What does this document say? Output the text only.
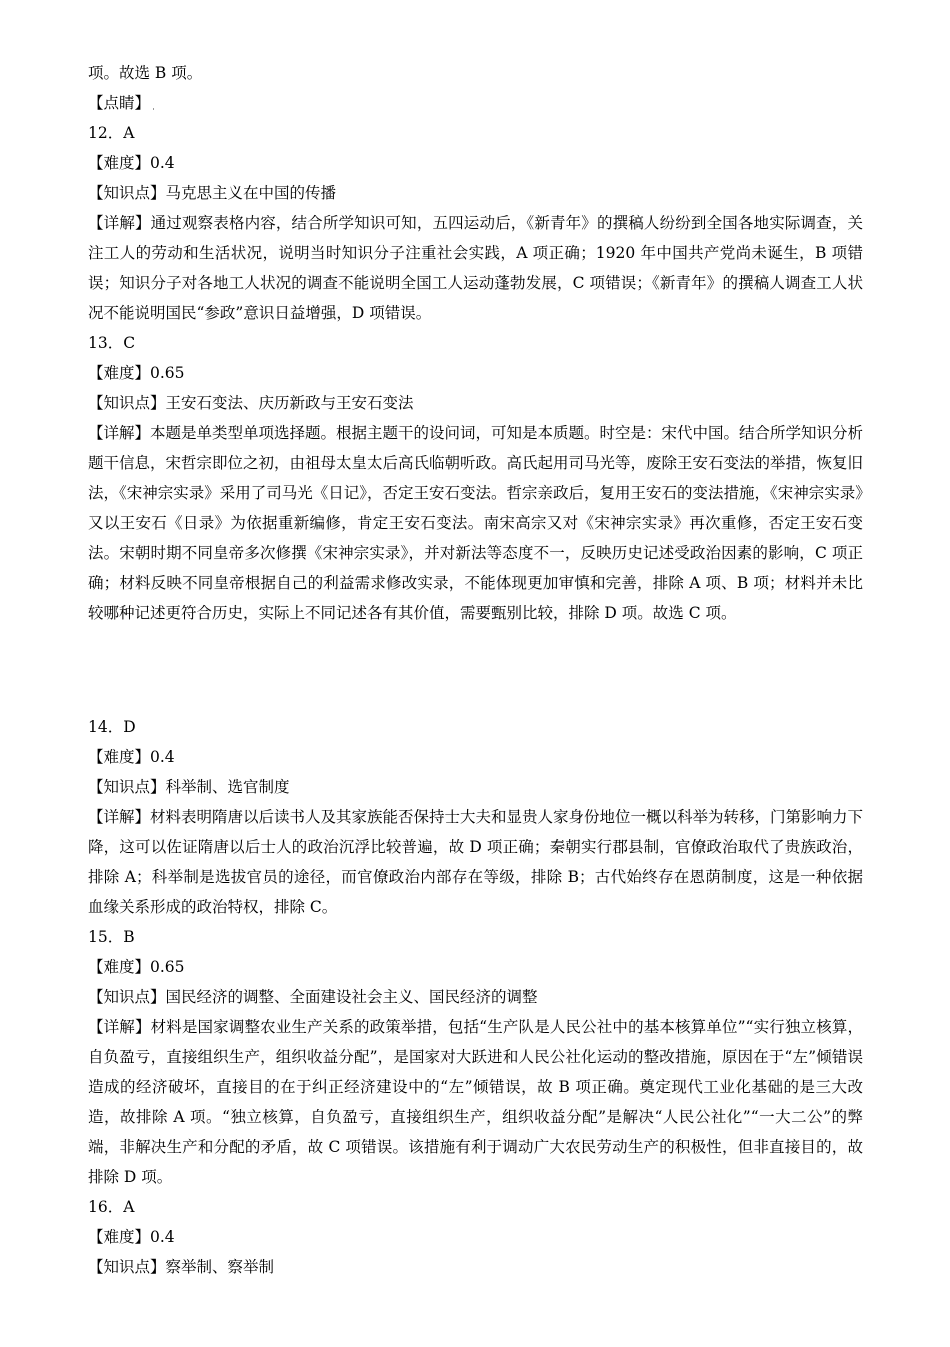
项。故选 B 项。

【点睛】

12．A

【难度】0.4

【知识点】马克思主义在中国的传播

【详解】通过观察表格内容，结合所学知识可知，五四运动后，《新青年》的撰稿人纷纷到全国各地实际调查，关注工人的劳动和生活状况，说明当时知识分子注重社会实践，A 项正确；1920 年中国共产党尚未诞生，B 项错误；知识分子对各地工人状况的调查不能说明全国工人运动蓬勃发展，C 项错误；《新青年》的撰稿人调查工人状况不能说明国民“参政”意识日益增强，D 项错误。

13．C

【难度】0.65

【知识点】王安石变法、庆历新政与王安石变法

【详解】本题是单类型单项选择题。根据主题干的设问词，可知是本质题。时空是：宋代中国。结合所学知识分析题干信息，宋哲宗即位之初，由祖母太皇太后高氏临朝听政。高氏起用司马光等，废除王安石变法的举措，恢复旧法，《宋神宗实录》采用了司马光《日记》，否定王安石变法。哲宗亲政后，复用王安石的变法措施，《宋神宗实录》又以王安石《日录》为依据重新编修，肯定王安石变法。南宋高宗又对《宋神宗实录》再次重修，否定王安石变法。宋朝时期不同皇帝多次修撰《宋神宗实录》，并对新法等态度不一，反映历史记述受政治因素的影响，C 项正确；材料反映不同皇帝根据自己的利益需求修改实录，不能体现更加审慎和完善，排除 A 项、B 项；材料并未比较哪种记述更符合历史，实际上不同记述各有其价值，需要甄别比较，排除 D 项。故选 C 项。

14．D

【难度】0.4

【知识点】科举制、选官制度

【详解】材料表明隋唐以后读书人及其家族能否保持士大夫和显贵人家身份地位一概以科举为转移，门第影响力下降，这可以佐证隋唐以后士人的政治沉浮比较普遍，故 D 项正确；秦朝实行郡县制，官僚政治取代了贵族政治，排除 A；科举制是选拔官员的途径，而官僚政治内部存在等级，排除 B；古代始终存在恩荫制度，这是一种依据血缘关系形成的政治特权，排除 C。

15．B

【难度】0.65

【知识点】国民经济的调整、全面建设社会主义、国民经济的调整

【详解】材料是国家调整农业生产关系的政策举措，包括“生产队是人民公社中的基本核算单位”“实行独立核算，自负盈亏，直接组织生产，组织收益分配”，是国家对大跃进和人民公社化运动的整改措施，原因在于“左”倾错误造成的经济破坏，直接目的在于纠正经济建设中的“左”倾错误，故 B 项正确。奠定现代工业化基础的是三大改造，故排除 A 项。“独立核算，自负盈亏，直接组织生产，组织收益分配”是解决“人民公社化”“一大二公”的弊端，非解决生产和分配的矛盾，故 C 项错误。该措施有利于调动广大农民劳动生产的积极性，但非直接目的，故排除 D 项。

16．A

【难度】0.4

【知识点】察举制、察举制
